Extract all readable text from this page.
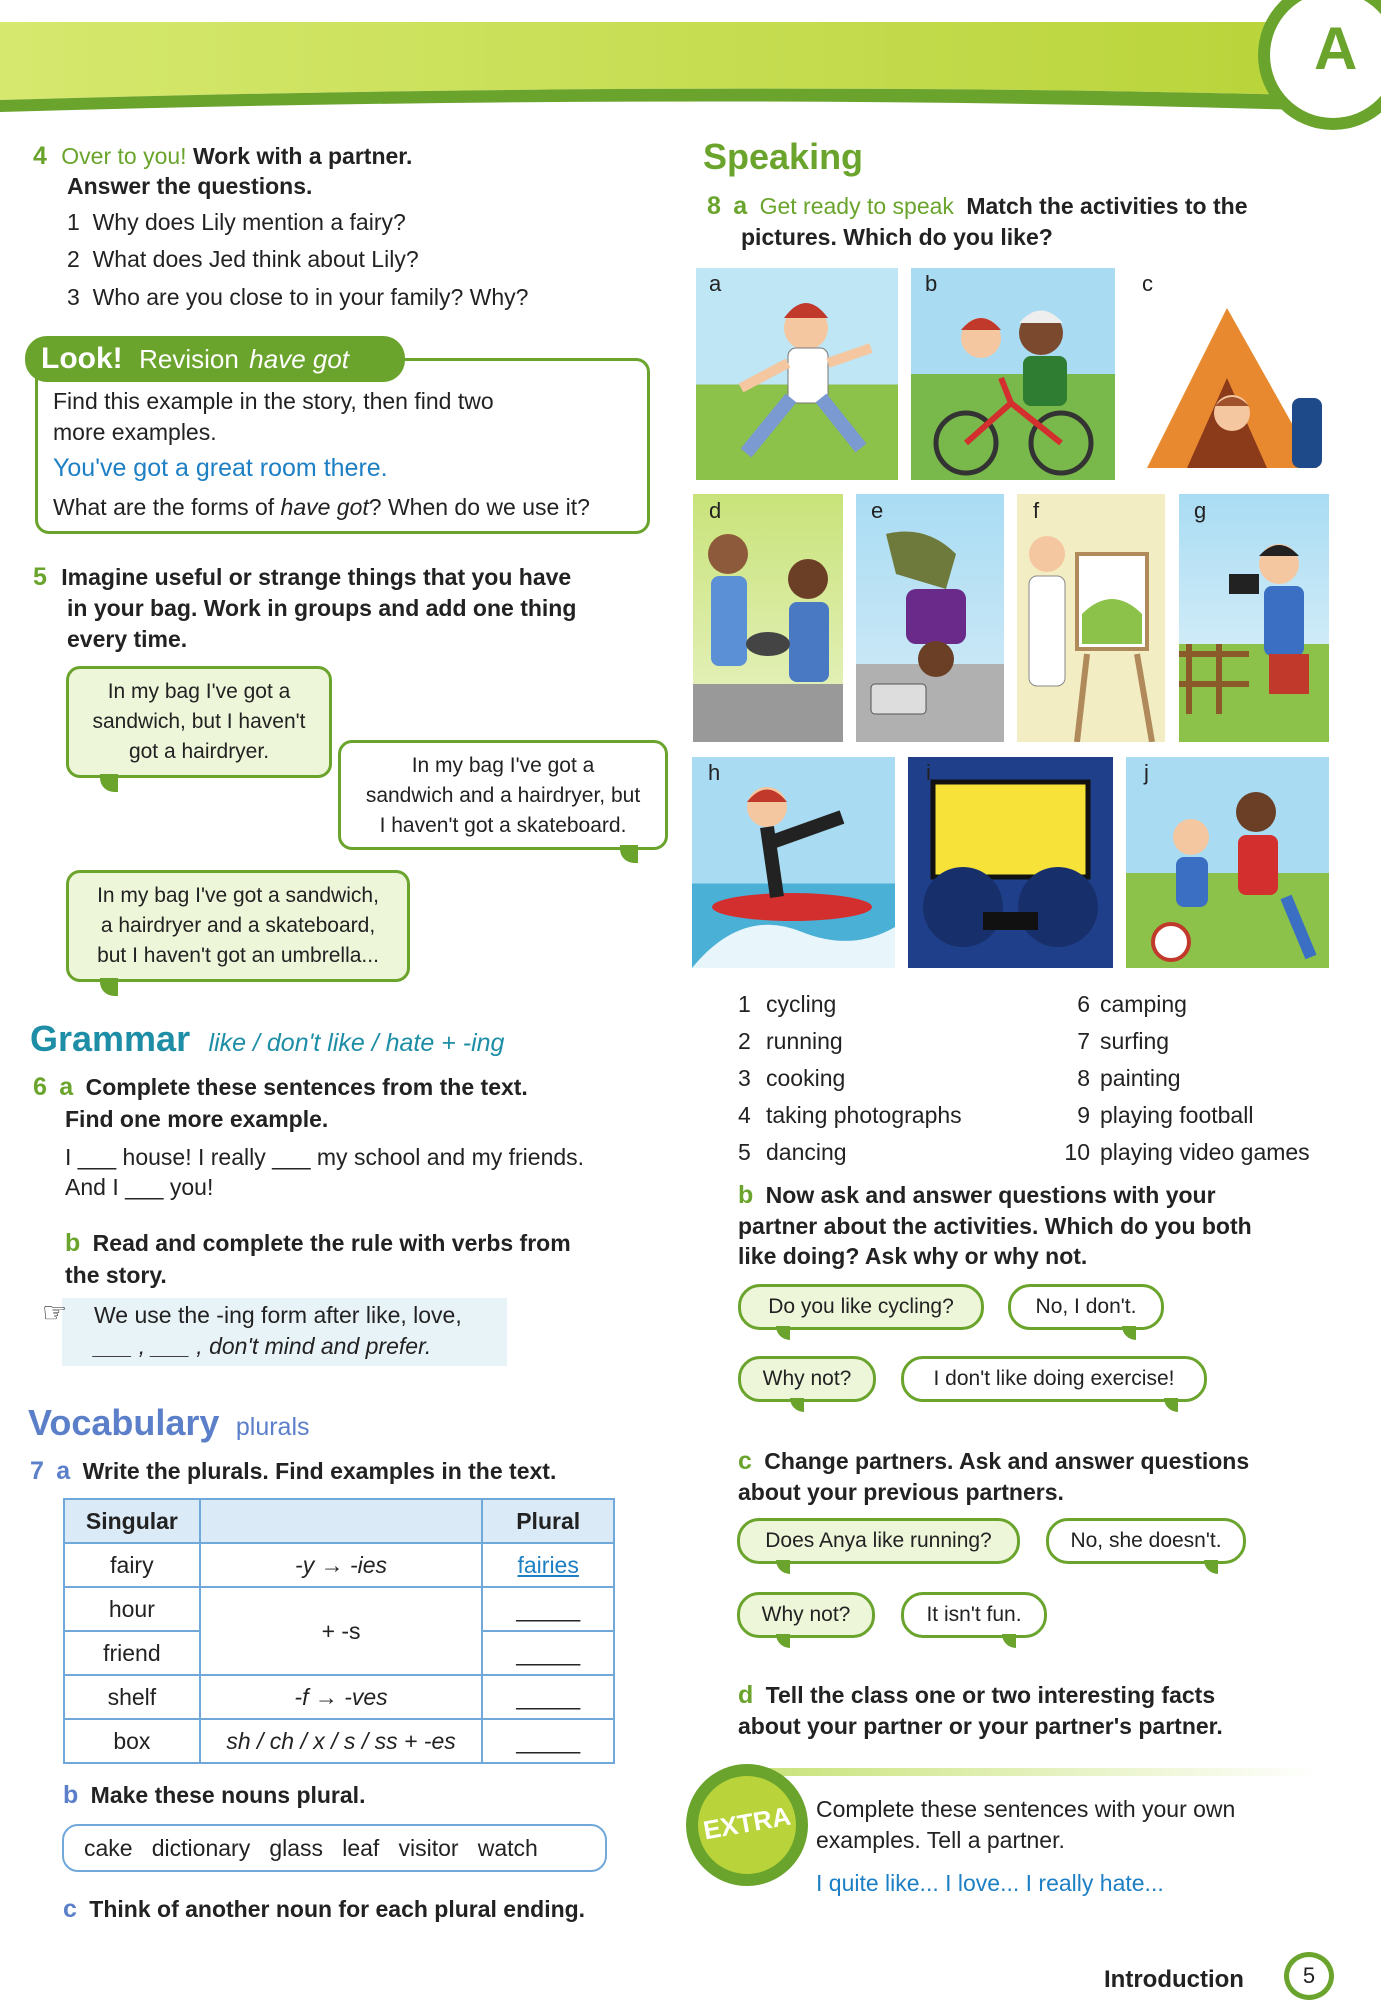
A
4 Over to you! Work with a partner.
Answer the questions.
1 Why does Lily mention a fairy?
2 What does Jed think about Lily?
3 Who are you close to in your family? Why?
Look! Revision have got
Find this example in the story, then find two
more examples.
You've got a great room there.
What are the forms of have got? When do we use it?
5 Imagine useful or strange things that you have
in your bag. Work in groups and add one thing
every time.
In my bag I've got a
sandwich, but I haven't
got a hairdryer.
In my bag I've got a
sandwich and a hairdryer, but
I haven't got a skateboard.
In my bag I've got a sandwich,
a hairdryer and a skateboard,
but I haven't got an umbrella...
Grammar like / don't like / hate + -ing
6 a Complete these sentences from the text.
Find one more example.
I ___ house! I really ___ my school and my friends.
And I ___ you!
b Read and complete the rule with verbs from
the story.
☞ We use the -ing form after like, love,
___ , ___ , don't mind and prefer.
Vocabulary plurals
7 a Write the plurals. Find examples in the text.
Singular		Plural
fairy	-y → -ies	fairies
hour	+ -s	_____
friend		_____
shelf	-f → -ves	_____
box	sh / ch / x / s / ss + -es	_____
b Make these nouns plural.
cake   dictionary   glass   leaf   visitor   watch
c Think of another noun for each plural ending.
Speaking
8 a Get ready to speak Match the activities to the
pictures. Which do you like?
a	b	c
d	e	f	g
h	i	j
1 cycling
2 running
3 cooking
4 taking photographs
5 dancing
6 camping
7 surfing
8 painting
9 playing football
10 playing video games
b Now ask and answer questions with your
partner about the activities. Which do you both
like doing? Ask why or why not.
Do you like cycling?	No, I don't.
Why not?	I don't like doing exercise!
c Change partners. Ask and answer questions
about your previous partners.
Does Anya like running?	No, she doesn't.
Why not?	It isn't fun.
d Tell the class one or two interesting facts
about your partner or your partner's partner.
EXTRA	Complete these sentences with your own
examples. Tell a partner.
I quite like... I love... I really hate...
Introduction	5
